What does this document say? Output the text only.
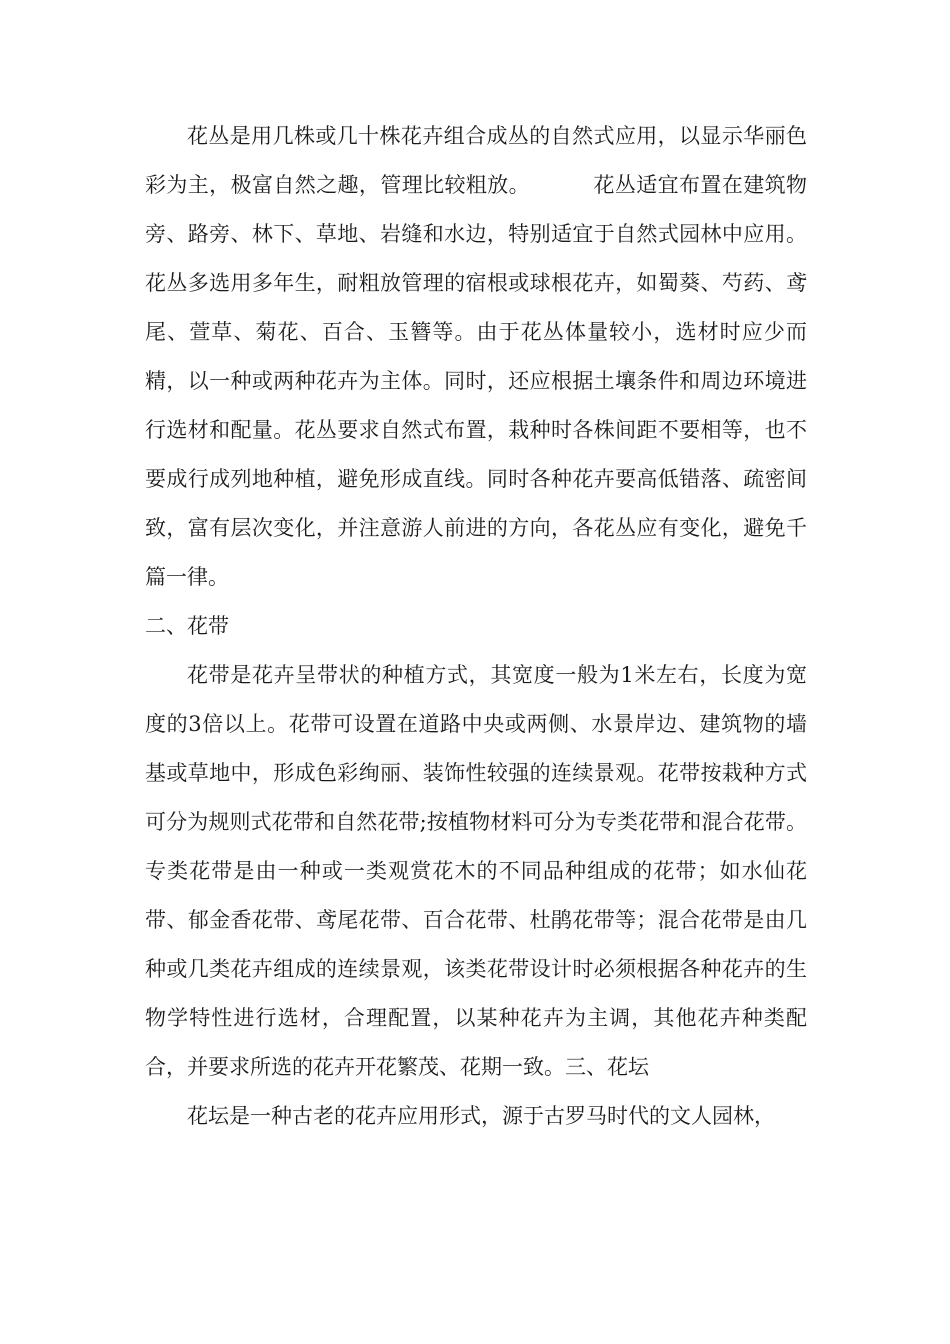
花丛是用几株或几十株花卉组合成丛的自然式应用，以显示华丽色彩为主，极富自然之趣，管理比较粗放。	花丛适宜布置在建筑物旁、路旁、林下、草地、岩缝和水边，特别适宜于自然式园林中应用。花丛多选用多年生，耐粗放管理的宿根或球根花卉，如蜀葵、芍药、鸢尾、萱草、菊花、百合、玉簪等。由于花丛体量较小，选材时应少而精，以一种或两种花卉为主体。同时，还应根据土壤条件和周边环境进行选材和配量。花丛要求自然式布置，栽种时各株间距不要相等，也不要成行成列地种植，避免形成直线。同时各种花卉要高低错落、疏密间致，富有层次变化，并注意游人前进的方向，各花丛应有变化，避免千篇一律。

二、花带

花带是花卉呈带状的种植方式，其宽度一般为1米左右，长度为宽度的3倍以上。花带可设置在道路中央或两侧、水景岸边、建筑物的墙基或草地中，形成色彩绚丽、装饰性较强的连续景观。花带按栽种方式可分为规则式花带和自然花带;按植物材料可分为专类花带和混合花带。专类花带是由一种或一类观赏花木的不同品种组成的花带；如水仙花带、郁金香花带、鸢尾花带、百合花带、杜鹃花带等；混合花带是由几种或几类花卉组成的连续景观，该类花带设计时必须根据各种花卉的生物学特性进行选材，合理配置，以某种花卉为主调，其他花卉种类配合，并要求所选的花卉开花繁茂、花期一致。三、花坛

花坛是一种古老的花卉应用形式，源于古罗马时代的文人园林，
